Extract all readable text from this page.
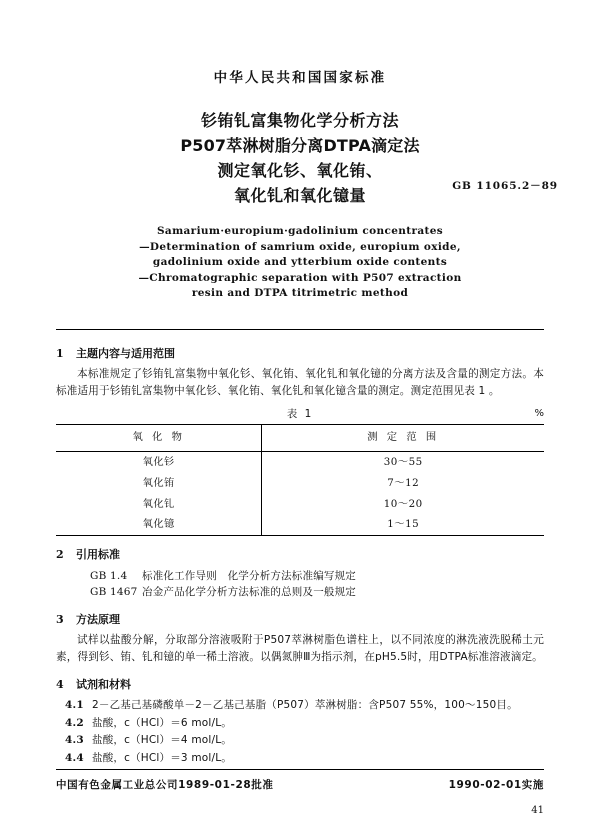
中华人民共和国国家标准
钐铕钆富集物化学分析方法
P507萃淋树脂分离DTPA滴定法
测定氧化钐、氧化铕、
氧化钆和氧化镱量	GB 11065.2－89
Samarium·europium·gadolinium concentrates
—Determination of samrium oxide, europium oxide,
gadolinium oxide and ytterbium oxide contents
—Chromatographic separation with P507 extraction
resin and DTPA titrimetric method
1 主题内容与适用范围
本标准规定了钐铕钆富集物中氧化钐、氧化铕、氧化钆和氧化镱的分离方法及含量的测定方法。本标准适用于钐铕钆富集物中氧化钐、氧化铕、氧化钆和氧化镱含量的测定。测定范围见表 1 。
表 1	%
氧 化 物	测 定 范 围
氧化钐	30～55
氧化铕	7～12
氧化钆	10～20
氧化镱	1～15
2 引用标准
GB 1.4 标准化工作导则　化学分析方法标准编写规定
GB 1467 冶金产品化学分析方法标准的总则及一般规定
3 方法原理
试样以盐酸分解，分取部分溶液吸附于P507萃淋树脂色谱柱上，以不同浓度的淋洗液洗脱稀土元素，得到钐、铕、钆和镱的单一稀土溶液。以偶氮胂Ⅲ为指示剂，在pH5.5时，用DTPA标准溶液滴定。
4 试剂和材料
4.1 2－乙基己基磷酸单－2－乙基己基脂（P507）萃淋树脂：含P507 55%，100～150目。
4.2 盐酸，c（HCl）＝6 mol/L。
4.3 盐酸，c（HCl）＝4 mol/L。
4.4 盐酸，c（HCl）＝3 mol/L。
中国有色金属工业总公司1989-01-28批准	1990-02-01实施
41
